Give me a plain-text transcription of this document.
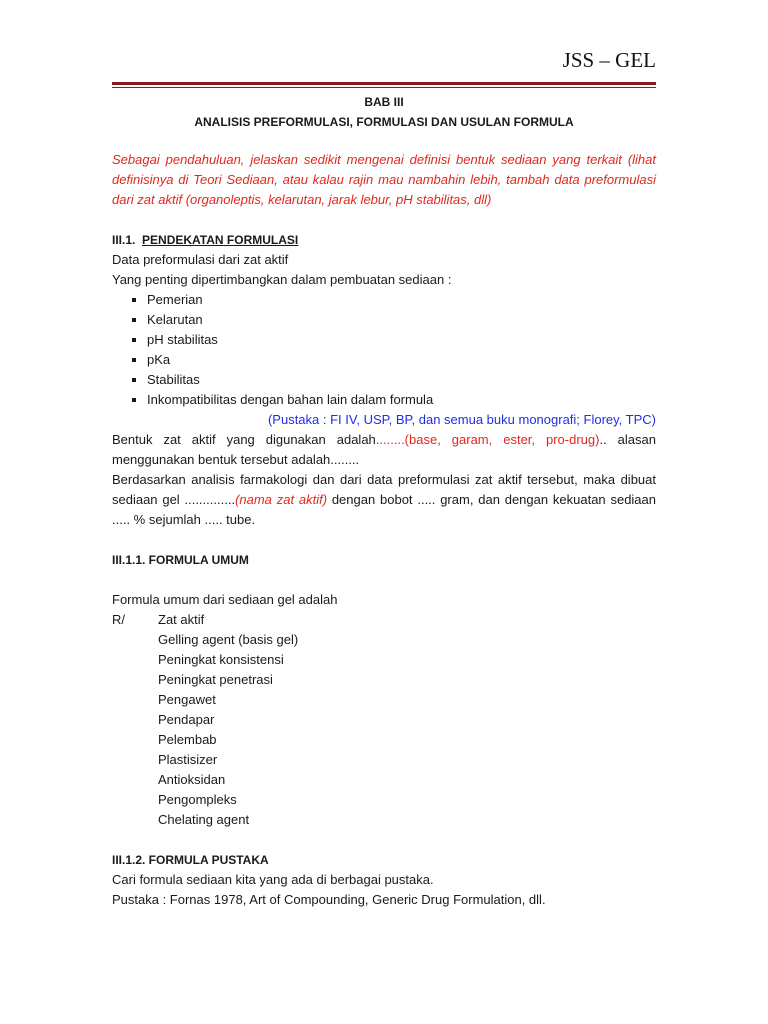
JSS – GEL
BAB III
ANALISIS PREFORMULASI, FORMULASI DAN USULAN FORMULA

Sebagai pendahuluan, jelaskan sedikit mengenai definisi bentuk sediaan yang terkait (lihat definisinya di Teori Sediaan, atau kalau rajin mau nambahin lebih, tambah data preformulasi dari zat aktif (organoleptis, kelarutan, jarak lebur, pH stabilitas, dll)

III.1. PENDEKATAN FORMULASI

Data preformulasi dari zat aktif

Yang penting dipertimbangkan dalam pembuatan sediaan :

Pemerian
Kelarutan
pH stabilitas
pKa
Stabilitas
Inkompatibilitas dengan bahan lain dalam formula

(Pustaka : FI IV, USP, BP, dan semua buku monografi; Florey, TPC)

Bentuk zat aktif yang digunakan adalah........(base, garam, ester, pro-drug).. alasan menggunakan bentuk tersebut adalah........

Berdasarkan analisis farmakologi dan dari data preformulasi zat aktif tersebut, maka dibuat sediaan gel ..............(nama zat aktif) dengan bobot ..... gram, dan dengan kekuatan sediaan ..... % sejumlah ..... tube.

III.1.1. FORMULA UMUM

Formula umum dari sediaan gel adalah

R/	Zat aktif

Gelling agent (basis gel)

Peningkat konsistensi

Peningkat penetrasi

Pengawet

Pendapar

Pelembab

Plastisizer

Antioksidan

Pengompleks

Chelating agent

III.1.2. FORMULA PUSTAKA

Cari formula sediaan kita yang ada di berbagai pustaka.

Pustaka : Fornas 1978, Art of Compounding, Generic Drug Formulation, dll.
